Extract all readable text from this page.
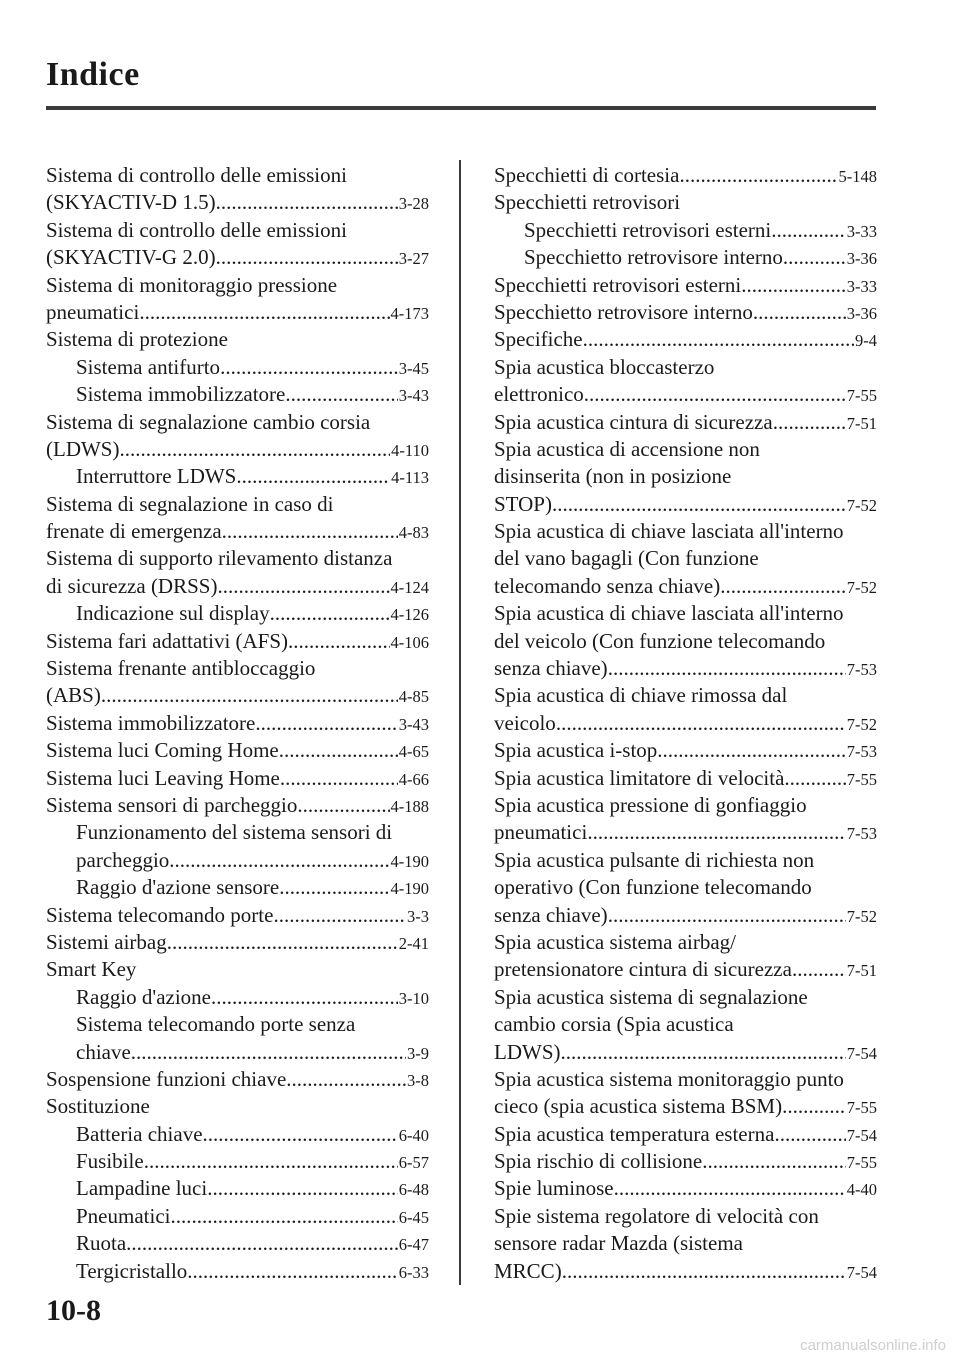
Indice
Sistema di controllo delle emissioni
(SKYACTIV-D 1.5) .....	3-28
Sistema di controllo delle emissioni
(SKYACTIV-G 2.0) .....	3-27
Sistema di monitoraggio pressione
pneumatici .....	4-173
Sistema di protezione
Sistema antifurto .....	3-45
Sistema immobilizzatore .....	3-43
Sistema di segnalazione cambio corsia
(LDWS) .....	4-110
Interruttore LDWS .....	4-113
Sistema di segnalazione in caso di
frenate di emergenza .....	4-83
Sistema di supporto rilevamento distanza
di sicurezza (DRSS) .....	4-124
Indicazione sul display .....	4-126
Sistema fari adattativi (AFS) .....	4-106
Sistema frenante antibloccaggio
(ABS) .....	4-85
Sistema immobilizzatore .....	3-43
Sistema luci Coming Home .....	4-65
Sistema luci Leaving Home .....	4-66
Sistema sensori di parcheggio .....	4-188
Funzionamento del sistema sensori di
parcheggio .....	4-190
Raggio d'azione sensore .....	4-190
Sistema telecomando porte .....	3-3
Sistemi airbag .....	2-41
Smart Key
Raggio d'azione .....	3-10
Sistema telecomando porte senza
chiave .....	3-9
Sospensione funzioni chiave .....	3-8
Sostituzione
Batteria chiave .....	6-40
Fusibile .....	6-57
Lampadine luci .....	6-48
Pneumatici .....	6-45
Ruota .....	6-47
Tergicristallo .....	6-33
Specchietti di cortesia .....	5-148
Specchietti retrovisori
Specchietti retrovisori esterni .....	3-33
Specchietto retrovisore interno .....	3-36
Specchietti retrovisori esterni .....	3-33
Specchietto retrovisore interno .....	3-36
Specifiche .....	9-4
Spia acustica bloccasterzo
elettronico .....	7-55
Spia acustica cintura di sicurezza .....	7-51
Spia acustica di accensione non
disinserita (non in posizione
STOP) .....	7-52
Spia acustica di chiave lasciata all'interno
del vano bagagli (Con funzione
telecomando senza chiave) .....	7-52
Spia acustica di chiave lasciata all'interno
del veicolo (Con funzione telecomando
senza chiave) .....	7-53
Spia acustica di chiave rimossa dal
veicolo .....	7-52
Spia acustica i-stop .....	7-53
Spia acustica limitatore di velocità .....	7-55
Spia acustica pressione di gonfiaggio
pneumatici .....	7-53
Spia acustica pulsante di richiesta non
operativo (Con funzione telecomando
senza chiave) .....	7-52
Spia acustica sistema airbag/
pretensionatore cintura di sicurezza .....	7-51
Spia acustica sistema di segnalazione
cambio corsia (Spia acustica
LDWS) .....	7-54
Spia acustica sistema monitoraggio punto
cieco (spia acustica sistema BSM) .....	7-55
Spia acustica temperatura esterna .....	7-54
Spia rischio di collisione .....	7-55
Spie luminose .....	4-40
Spie sistema regolatore di velocità con
sensore radar Mazda (sistema
MRCC) .....	7-54
10-8
carmanualsonline.info
